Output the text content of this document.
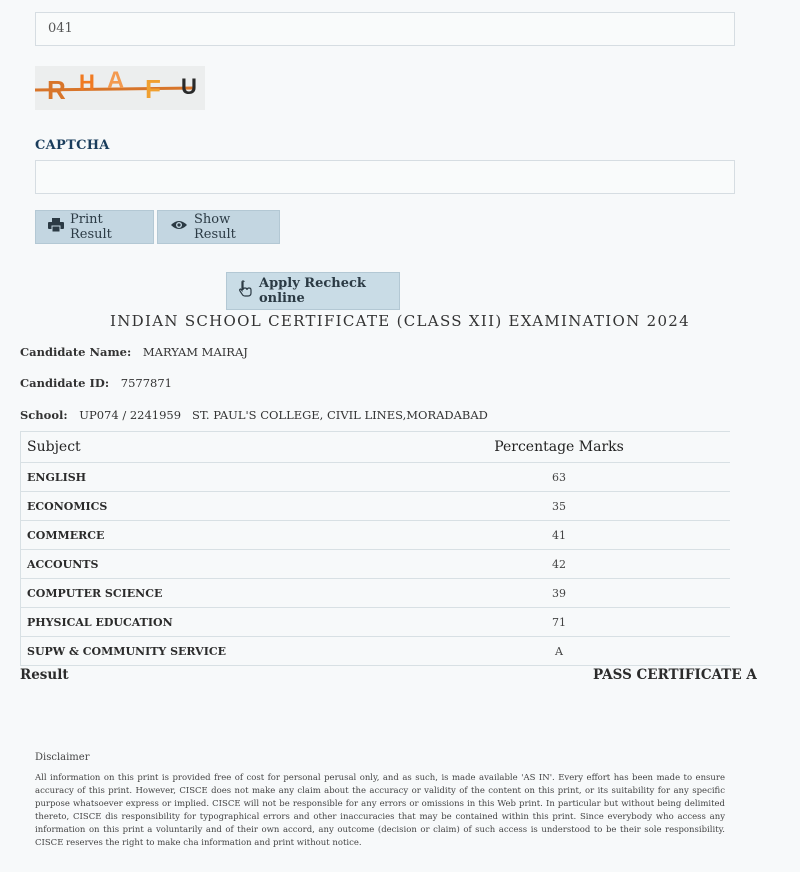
041
R H A F U
CAPTCHA
Print Result
Show Result
Apply Recheck online
INDIAN SCHOOL CERTIFICATE (CLASS XII) EXAMINATION 2024
Candidate Name: MARYAM MAIRAJ
Candidate ID: 7577871
School: UP074 / 2241959   ST. PAUL'S COLLEGE, CIVIL LINES,MORADABAD
Subject	Percentage Marks
ENGLISH	63
ECONOMICS	35
COMMERCE	41
ACCOUNTS	42
COMPUTER SCIENCE	39
PHYSICAL EDUCATION	71
SUPW & COMMUNITY SERVICE	A
Result	PASS CERTIFICATE A
Disclaimer
All information on this print is provided free of cost for personal perusal only, and as such, is made available 'AS IN'. Every effort has been made to ensure accuracy of this print. However, CISCE does not make any claim about the accuracy or validity of the content on this print, or its suitability for any specific purpose whatsoever express or implied. CISCE will not be responsible for any errors or omissions in this Web print. In particular but without being delimited thereto, CISCE dis responsibility for typographical errors and other inaccuracies that may be contained within this print. Since everybody who access any information on this print a voluntarily and of their own accord, any outcome (decision or claim) of such access is understood to be their sole responsibility. CISCE reserves the right to make cha information and print without notice.
